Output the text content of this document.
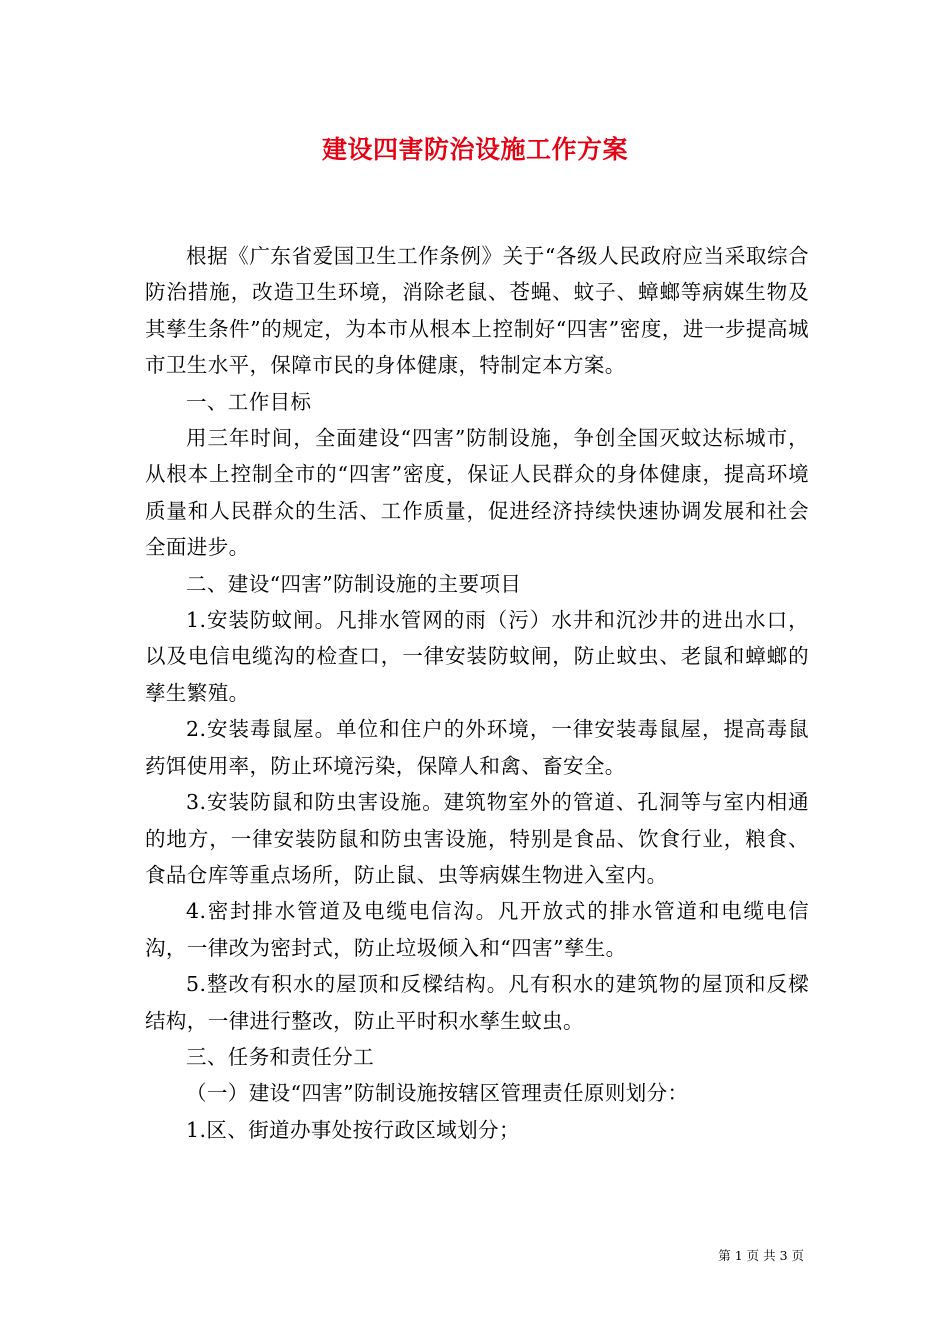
建设四害防治设施工作方案

根据《广东省爱国卫生工作条例》关于“各级人民政府应当采取综合防治措施，改造卫生环境，消除老鼠、苍蝇、蚊子、蟑螂等病媒生物及其孳生条件”的规定，为本市从根本上控制好“四害”密度，进一步提高城市卫生水平，保障市民的身体健康，特制定本方案。

一、工作目标

用三年时间，全面建设“四害”防制设施，争创全国灭蚊达标城市，从根本上控制全市的“四害”密度，保证人民群众的身体健康，提高环境质量和人民群众的生活、工作质量，促进经济持续快速协调发展和社会全面进步。

二、建设“四害”防制设施的主要项目

1.安装防蚊闸。凡排水管网的雨（污）水井和沉沙井的进出水口，以及电信电缆沟的检查口，一律安装防蚊闸，防止蚊虫、老鼠和蟑螂的孳生繁殖。

2.安装毒鼠屋。单位和住户的外环境，一律安装毒鼠屋，提高毒鼠药饵使用率，防止环境污染，保障人和禽、畜安全。

3.安装防鼠和防虫害设施。建筑物室外的管道、孔洞等与室内相通的地方，一律安装防鼠和防虫害设施，特别是食品、饮食行业，粮食、食品仓库等重点场所，防止鼠、虫等病媒生物进入室内。

4.密封排水管道及电缆电信沟。凡开放式的排水管道和电缆电信沟，一律改为密封式，防止垃圾倾入和“四害”孳生。

5.整改有积水的屋顶和反樑结构。凡有积水的建筑物的屋顶和反樑结构，一律进行整改，防止平时积水孳生蚊虫。

三、任务和责任分工

（一）建设“四害”防制设施按辖区管理责任原则划分：

1.区、街道办事处按行政区域划分；

第 1 页 共 3 页
